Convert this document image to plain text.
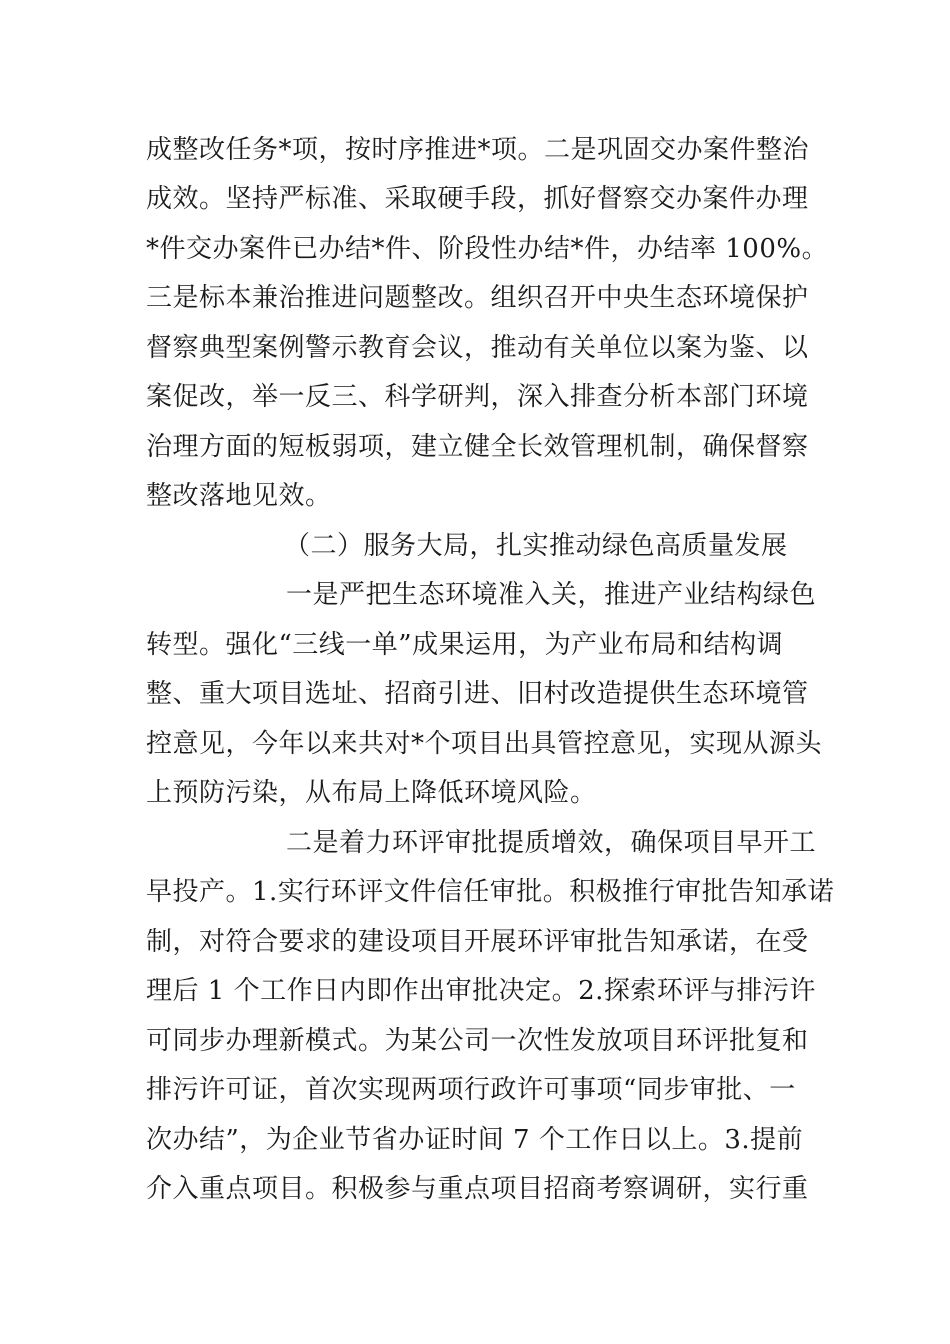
成整改任务*项，按时序推进*项。二是巩固交办案件整治

成效。坚持严标准、采取硬手段，抓好督察交办案件办理

*件交办案件已办结*件、阶段性办结*件，办结率 100%。

三是标本兼治推进问题整改。组织召开中央生态环境保护

督察典型案例警示教育会议，推动有关单位以案为鉴、以

案促改，举一反三、科学研判，深入排查分析本部门环境

治理方面的短板弱项，建立健全长效管理机制，确保督察

整改落地见效。

（二）服务大局，扎实推动绿色高质量发展

一是严把生态环境准入关，推进产业结构绿色

转型。强化“三线一单”成果运用，为产业布局和结构调

整、重大项目选址、招商引进、旧村改造提供生态环境管

控意见，今年以来共对*个项目出具管控意见，实现从源头

上预防污染，从布局上降低环境风险。

二是着力环评审批提质增效，确保项目早开工

早投产。1.实行环评文件信任审批。积极推行审批告知承诺

制，对符合要求的建设项目开展环评审批告知承诺，在受

理后 1 个工作日内即作出审批决定。2.探索环评与排污许

可同步办理新模式。为某公司一次性发放项目环评批复和

排污许可证，首次实现两项行政许可事项“同步审批、一

次办结”，为企业节省办证时间 7 个工作日以上。3.提前

介入重点项目。积极参与重点项目招商考察调研，实行重
